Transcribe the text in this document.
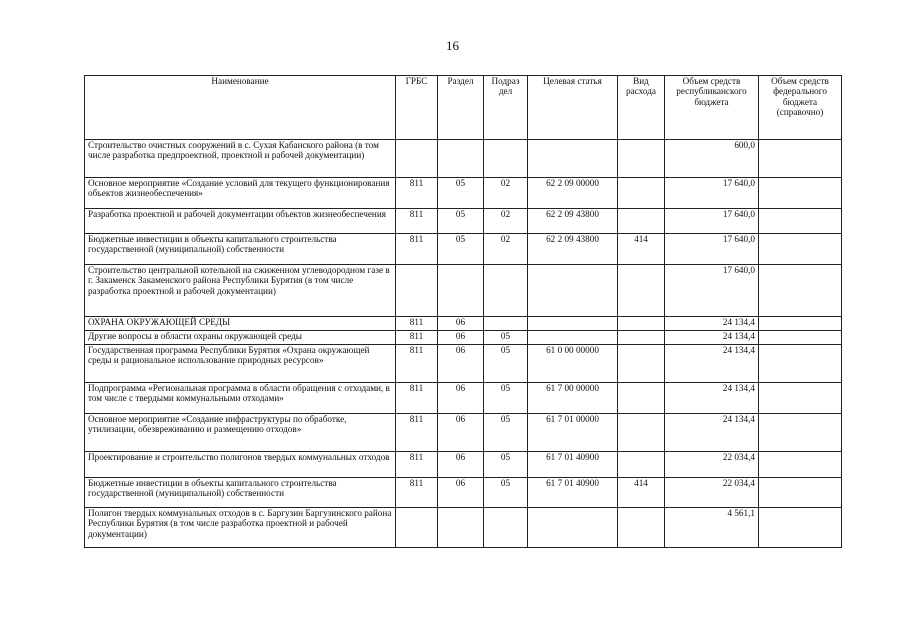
16
Наименование	ГРБС	Раздел	Подраз дел	Целевая статья	Вид расхода	Объем средств республиканского бюджета	Объем средств федерального бюджета (справочно)
Строительство очистных сооружений в с. Сухая Кабанского района (в том числе разработка предпроектной, проектной и рабочей документации)						600,0	
Основное мероприятие «Создание условий для текущего функционирования объектов жизнеобеспечения»	811	05	02	62 2 09 00000		17 640,0	
Разработка проектной и рабочей документации объектов жизнеобеспечения	811	05	02	62 2 09 43800		17 640,0	
Бюджетные инвестиции в объекты капитального строительства государственной (муниципальной) собственности	811	05	02	62 2 09 43800	414	17 640,0	
Строительство центральной котельной на сжиженном углеводородном газе в г. Закаменск Закаменского района Республики Бурятия (в том числе разработка проектной и рабочей документации)						17 640,0	
ОХРАНА ОКРУЖАЮЩЕЙ СРЕДЫ	811	06				24 134,4	
Другие вопросы в области охраны окружающей среды	811	06	05			24 134,4	
Государственная программа Республики Бурятия «Охрана окружающей среды и рациональное использование природных ресурсов»	811	06	05	61 0 00 00000		24 134,4	
Подпрограмма «Региональная программа в области обращения с отходами, в том числе с твердыми коммунальными отходами»	811	06	05	61 7 00 00000		24 134,4	
Основное мероприятие «Создание инфраструктуры по обработке, утилизации, обезвреживанию и размещению отходов»	811	06	05	61 7 01 00000		24 134,4	
Проектирование и строительство полигонов твердых коммунальных отходов	811	06	05	61 7 01 40900		22 034,4	
Бюджетные инвестиции в объекты капитального строительства государственной (муниципальной) собственности	811	06	05	61 7 01 40900	414	22 034,4	
Полигон твердых коммунальных отходов в с. Баргузин Баргузинского района Республики Бурятия (в том числе разработка проектной и рабочей документации)						4 561,1	
